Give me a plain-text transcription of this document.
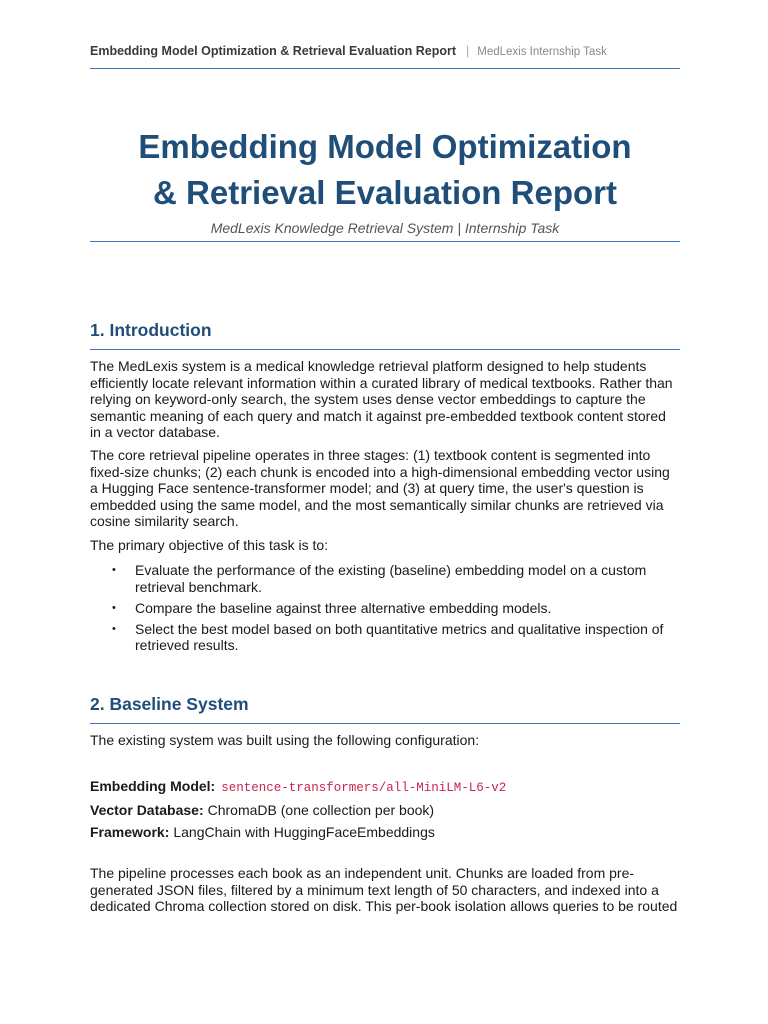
Embedding Model Optimization & Retrieval Evaluation Report | MedLexis Internship Task
Embedding Model Optimization
& Retrieval Evaluation Report
MedLexis Knowledge Retrieval System | Internship Task
1. Introduction

The MedLexis system is a medical knowledge retrieval platform designed to help students efficiently locate relevant information within a curated library of medical textbooks. Rather than relying on keyword-only search, the system uses dense vector embeddings to capture the semantic meaning of each query and match it against pre-embedded textbook content stored in a vector database.

The core retrieval pipeline operates in three stages: (1) textbook content is segmented into fixed-size chunks; (2) each chunk is encoded into a high-dimensional embedding vector using a Hugging Face sentence-transformer model; and (3) at query time, the user's question is embedded using the same model, and the most semantically similar chunks are retrieved via cosine similarity search.

The primary objective of this task is to:

• Evaluate the performance of the existing (baseline) embedding model on a custom retrieval benchmark.
• Compare the baseline against three alternative embedding models.
• Select the best model based on both quantitative metrics and qualitative inspection of retrieved results.
2. Baseline System

The existing system was built using the following configuration:

Embedding Model: sentence-transformers/all-MiniLM-L6-v2
Vector Database: ChromaDB (one collection per book)
Framework: LangChain with HuggingFaceEmbeddings

The pipeline processes each book as an independent unit. Chunks are loaded from pre-generated JSON files, filtered by a minimum text length of 50 characters, and indexed into a dedicated Chroma collection stored on disk. This per-book isolation allows queries to be routed
